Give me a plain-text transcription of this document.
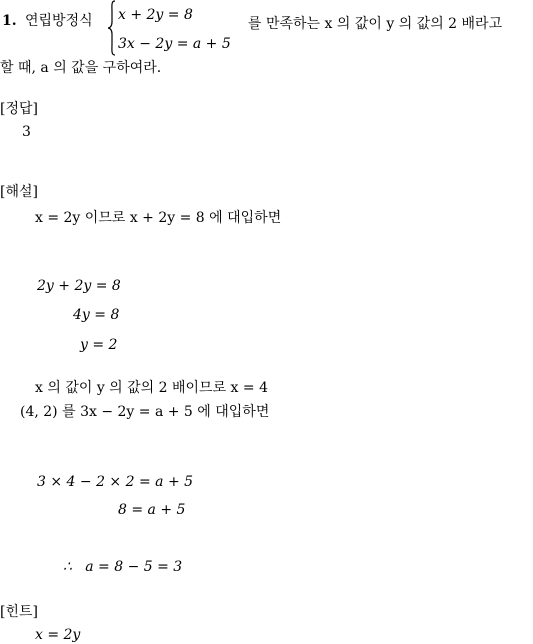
1. 연립방정식 x + 2y = 8
3x − 2y = a + 5
를 만족하는 x 의 값이 y 의 값의 2 배라고
할 때, a 의 값을 구하여라.
[정답]
3
[해설]
x = 2y 이므로 x + 2y = 8 에 대입하면
2y + 2y = 8
4y = 8
y = 2
x 의 값이 y 의 값의 2 배이므로 x = 4
(4, 2) 를 3x − 2y = a + 5 에 대입하면
3 × 4 − 2 × 2 = a + 5
8 = a + 5
∴   a = 8 − 5 = 3
[힌트]
x = 2y
